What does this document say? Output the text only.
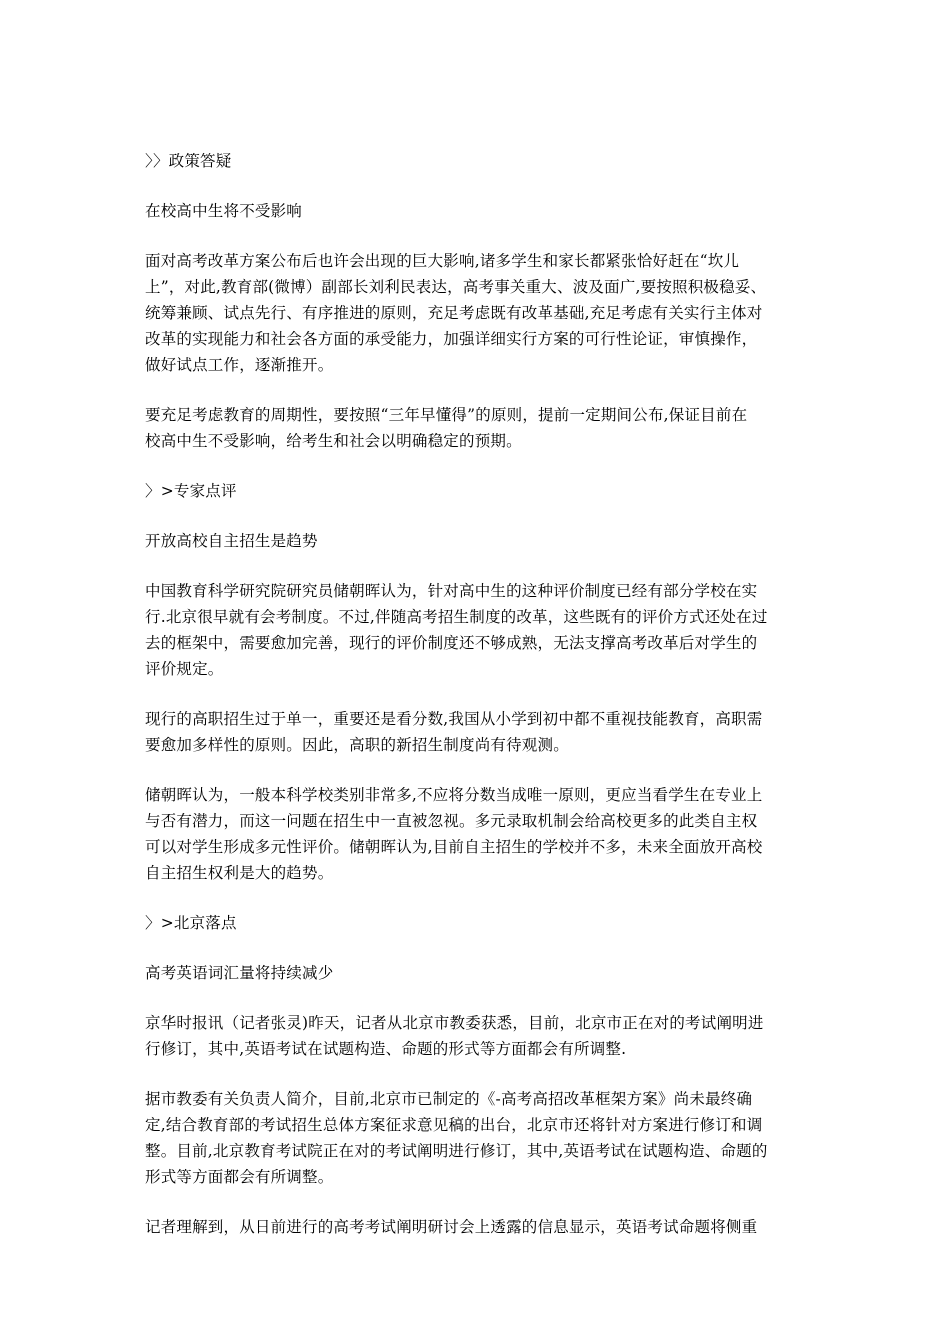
〉〉政策答疑

在校高中生将不受影响

面对高考改革方案公布后也许会出现的巨大影响,诸多学生和家长都紧张恰好赶在“坎儿

上”，对此,教育部(微博）副部长刘利民表达，高考事关重大、波及面广,要按照积极稳妥、

统筹兼顾、试点先行、有序推进的原则，充足考虑既有改革基础,充足考虑有关实行主体对

改革的实现能力和社会各方面的承受能力，加强详细实行方案的可行性论证，审慎操作，

做好试点工作，逐渐推开。

要充足考虑教育的周期性，要按照“三年早懂得”的原则，提前一定期间公布,保证目前在

校高中生不受影响，给考生和社会以明确稳定的预期。

〉>专家点评

开放高校自主招生是趋势

中国教育科学研究院研究员储朝晖认为，针对高中生的这种评价制度已经有部分学校在实

行.北京很早就有会考制度。不过,伴随高考招生制度的改革，这些既有的评价方式还处在过

去的框架中，需要愈加完善，现行的评价制度还不够成熟，无法支撑高考改革后对学生的

评价规定。

现行的高职招生过于单一，重要还是看分数,我国从小学到初中都不重视技能教育，高职需

要愈加多样性的原则。因此，高职的新招生制度尚有待观测。

储朝晖认为，一般本科学校类别非常多,不应将分数当成唯一原则，更应当看学生在专业上

与否有潜力，而这一问题在招生中一直被忽视。多元录取机制会给高校更多的此类自主权

可以对学生形成多元性评价。储朝晖认为,目前自主招生的学校并不多，未来全面放开高校

自主招生权利是大的趋势。

〉>北京落点

高考英语词汇量将持续减少

京华时报讯（记者张灵)昨天，记者从北京市教委获悉，目前，北京市正在对的考试阐明进

行修订，其中,英语考试在试题构造、命题的形式等方面都会有所调整.

据市教委有关负责人简介，目前,北京市已制定的《-高考高招改革框架方案》尚未最终确

定,结合教育部的考试招生总体方案征求意见稿的出台，北京市还将针对方案进行修订和调

整。目前,北京教育考试院正在对的考试阐明进行修订，其中,英语考试在试题构造、命题的

形式等方面都会有所调整。

记者理解到，从日前进行的高考考试阐明研讨会上透露的信息显示，英语考试命题将侧重
